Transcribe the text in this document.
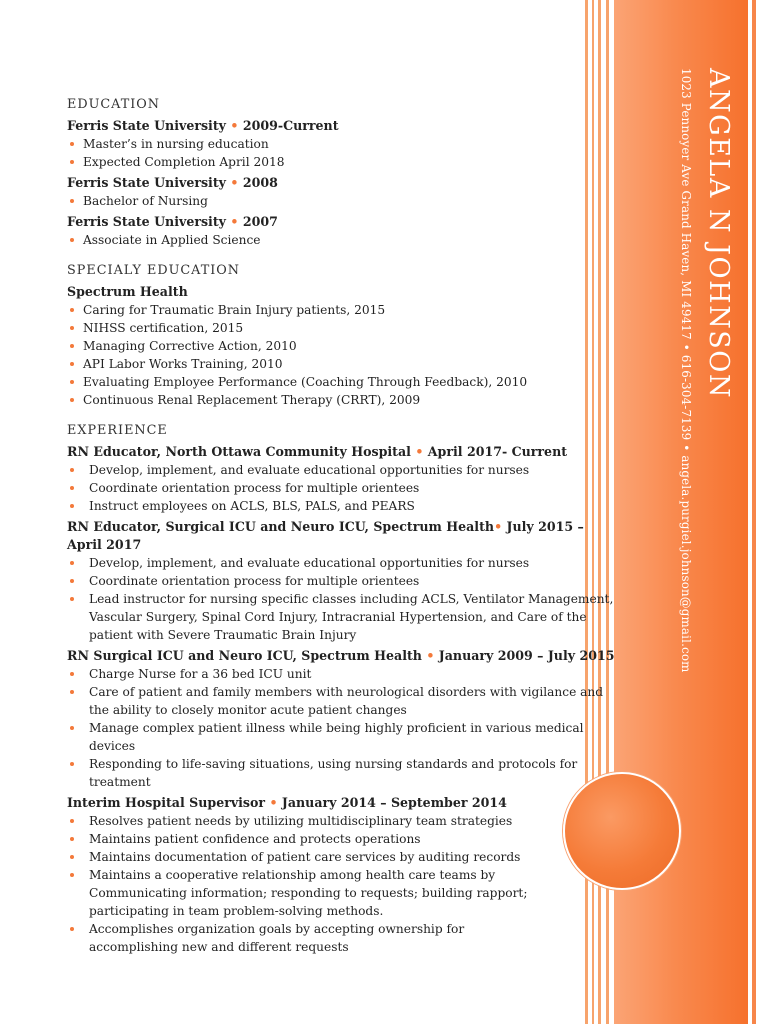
ANGELA N JOHNSON
1023 Pennoyer Ave Grand Haven, MI 49417 • 616-304-7139 • angela.purgiel.johnson@gmail.com
EDUCATION
Ferris State University • 2009-Current
Master’s in nursing education
Expected Completion April 2018
Ferris State University • 2008
Bachelor of Nursing
Ferris State University • 2007
Associate in Applied Science
SPECIALY EDUCATION
Spectrum Health
Caring for Traumatic Brain Injury patients, 2015
NIHSS certification, 2015
Managing Corrective Action, 2010
API Labor Works Training, 2010
Evaluating Employee Performance (Coaching Through Feedback), 2010
Continuous Renal Replacement Therapy (CRRT), 2009
EXPERIENCE
RN Educator, North Ottawa Community Hospital • April 2017- Current
Develop, implement, and evaluate educational opportunities for nurses
Coordinate orientation process for multiple orientees
Instruct employees on ACLS, BLS, PALS, and PEARS
RN Educator, Surgical ICU and Neuro ICU, Spectrum Health• July 2015 – April 2017
Develop, implement, and evaluate educational opportunities for nurses
Coordinate orientation process for multiple orientees
Lead instructor for nursing specific classes including ACLS, Ventilator Management, Vascular Surgery, Spinal Cord Injury, Intracranial Hypertension, and Care of the patient with Severe Traumatic Brain Injury
RN Surgical ICU and Neuro ICU, Spectrum Health • January 2009 – July 2015
Charge Nurse for a 36 bed ICU unit
Care of patient and family members with neurological disorders with vigilance and the ability to closely monitor acute patient changes
Manage complex patient illness while being highly proficient in various medical devices
Responding to life-saving situations, using nursing standards and protocols for treatment
Interim Hospital Supervisor • January 2014 – September 2014
Resolves patient needs by utilizing multidisciplinary team strategies
Maintains patient confidence and protects operations
Maintains documentation of patient care services by auditing records
Maintains a cooperative relationship among health care teams by Communicating information; responding to requests; building rapport; participating in team problem-solving methods.
Accomplishes organization goals by accepting ownership for accomplishing new and different requests
